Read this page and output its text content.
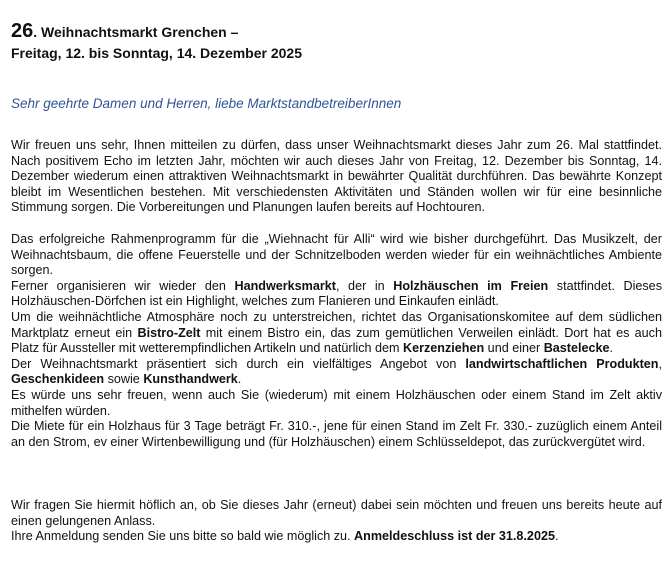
26. Weihnachtsmarkt Grenchen –

Freitag, 12. bis Sonntag, 14. Dezember 2025

Sehr geehrte Damen und Herren, liebe MarktstandbetreiberInnen

Wir freuen uns sehr, Ihnen mitteilen zu dürfen, dass unser Weihnachtsmarkt dieses Jahr zum 26. Mal stattfindet. Nach positivem Echo im letzten Jahr, möchten wir auch dieses Jahr von Freitag, 12. Dezember bis Sonntag, 14. Dezember wiederum einen attraktiven Weihnachtsmarkt in bewährter Qualität durchführen. Das bewährte Konzept bleibt im Wesentlichen bestehen. Mit verschiedensten Aktivitäten und Ständen wollen wir für eine besinnliche Stimmung sorgen. Die Vorbereitungen und Planungen laufen bereits auf Hochtouren.

Das erfolgreiche Rahmenprogramm für die „Wiehnacht für Alli“ wird wie bisher durchgeführt. Das Musikzelt, der Weihnachtsbaum, die offene Feuerstelle und der Schnitzelboden werden wieder für ein weihnächtliches Ambiente sorgen.
Ferner organisieren wir wieder den Handwerksmarkt, der in Holzhäuschen im Freien stattfindet. Dieses Holzhäuschen-Dörfchen ist ein Highlight, welches zum Flanieren und Einkaufen einlädt.
Um die weihnächtliche Atmosphäre noch zu unterstreichen, richtet das Organisationskomitee auf dem südlichen Marktplatz erneut ein Bistro-Zelt mit einem Bistro ein, das zum gemütlichen Verweilen einlädt. Dort hat es auch Platz für Aussteller mit wetterempfindlichen Artikeln und natürlich dem Kerzenziehen und einer Bastelecke.
Der Weihnachtsmarkt präsentiert sich durch ein vielfältiges Angebot von landwirtschaftlichen Produkten, Geschenkideen sowie Kunsthandwerk.
Es würde uns sehr freuen, wenn auch Sie (wiederum) mit einem Holzhäuschen oder einem Stand im Zelt aktiv mithelfen würden.
Die Miete für ein Holzhaus für 3 Tage beträgt Fr. 310.-, jene für einen Stand im Zelt Fr. 330.- zuzüglich einem Anteil an den Strom, ev einer Wirtenbewilligung und (für Holzhäuschen) einem Schlüsseldepot, das zurückvergütet wird.
Wir fragen Sie hiermit höflich an, ob Sie dieses Jahr (erneut) dabei sein möchten und freuen uns bereits heute auf einen gelungenen Anlass.
Ihre Anmeldung senden Sie uns bitte so bald wie möglich zu. Anmeldeschluss ist der 31.8.2025.
